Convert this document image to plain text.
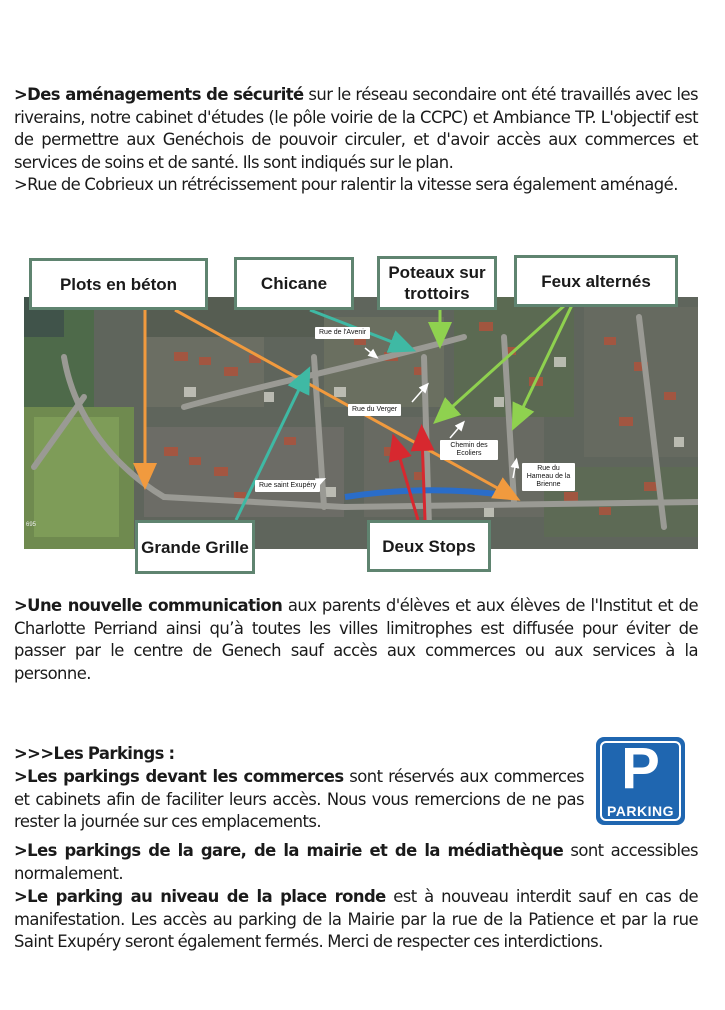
>Des aménagements de sécurité sur le réseau secondaire ont été travaillés avec les riverains, notre cabinet d'études (le pôle voirie de la CCPC) et Ambiance TP. L'objectif est de permettre aux Genéchois de pouvoir circuler, et d'avoir accès aux commerces et services de soins et de santé. Ils sont indiqués sur le plan.
>Rue de Cobrieux un rétrécissement pour ralentir la vitesse sera également aménagé.
Plots en béton	Chicane
Poteaux sur trottoirs
Feux alternés
Grande Grille	Deux Stops
Rue de l'Avenir
Rue du Verger
Chemin des Ecoliers
Rue du Hameau de la Brienne
Rue saint Exupéry
695
>Une nouvelle communication aux parents d'élèves et aux élèves de l'Institut et de Charlotte Perriand ainsi qu’à toutes les villes limitrophes est diffusée pour éviter de passer par le centre de Genech sauf accès aux commerces ou aux services à la personne.
>>>Les Parkings :
>Les parkings devant les commerces sont réservés aux commerces et cabinets afin de faciliter leurs accès. Nous vous remercions de ne pas rester la journée sur ces emplacements.
>Les parkings de la gare, de la mairie et de la médiathèque sont accessibles normalement.
>Le parking au niveau de la place ronde est à nouveau interdit sauf en cas de manifestation. Les accès au parking de la Mairie par la rue de la Patience et par la rue Saint Exupéry seront également fermés. Merci de respecter ces interdictions.
P
PARKING
